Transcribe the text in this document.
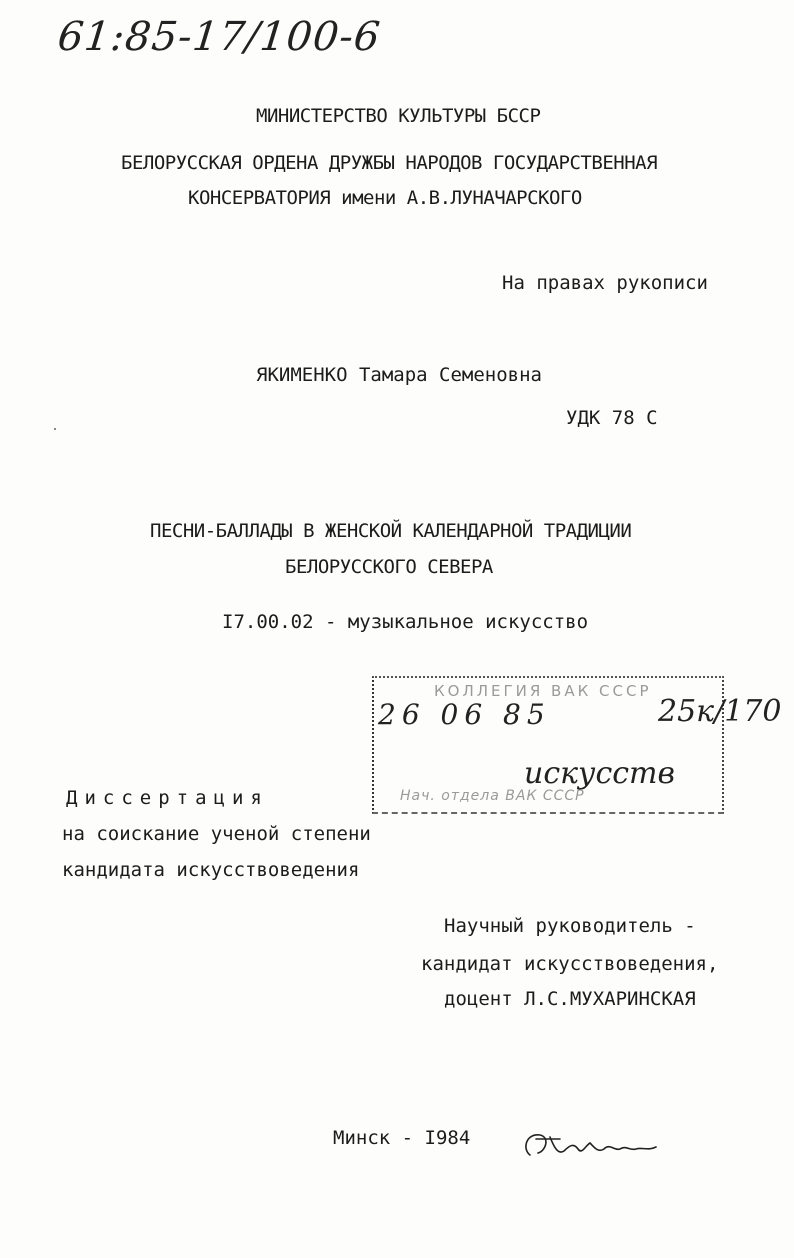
61:85-17/100-6
МИНИСТЕРСТВО КУЛЬТУРЫ БССР
БЕЛОРУССКАЯ ОРДЕНА ДРУЖБЫ НАРОДОВ ГОСУДАРСТВЕННАЯ
КОНСЕРВАТОРИЯ имени А.В.ЛУНАЧАРСКОГО
На правах рукописи
ЯКИМЕНКО Тамара Семеновна
УДК 78 С
ПЕСНИ-БАЛЛАДЫ В ЖЕНСКОЙ КАЛЕНДАРНОЙ ТРАДИЦИИ
БЕЛОРУССКОГО СЕВЕРА
I7.00.02 - музыкальное искусство
КОЛЛЕГИЯ ВАК СССР
26 06 85	25к/170
искусств
Нач. отдела ВАК СССР
Диссертация
на соискание ученой степени
кандидата искусствоведения
Научный руководитель -
кандидат искусствоведения,
доцент Л.С.МУХАРИНСКАЯ
Минск - I984
